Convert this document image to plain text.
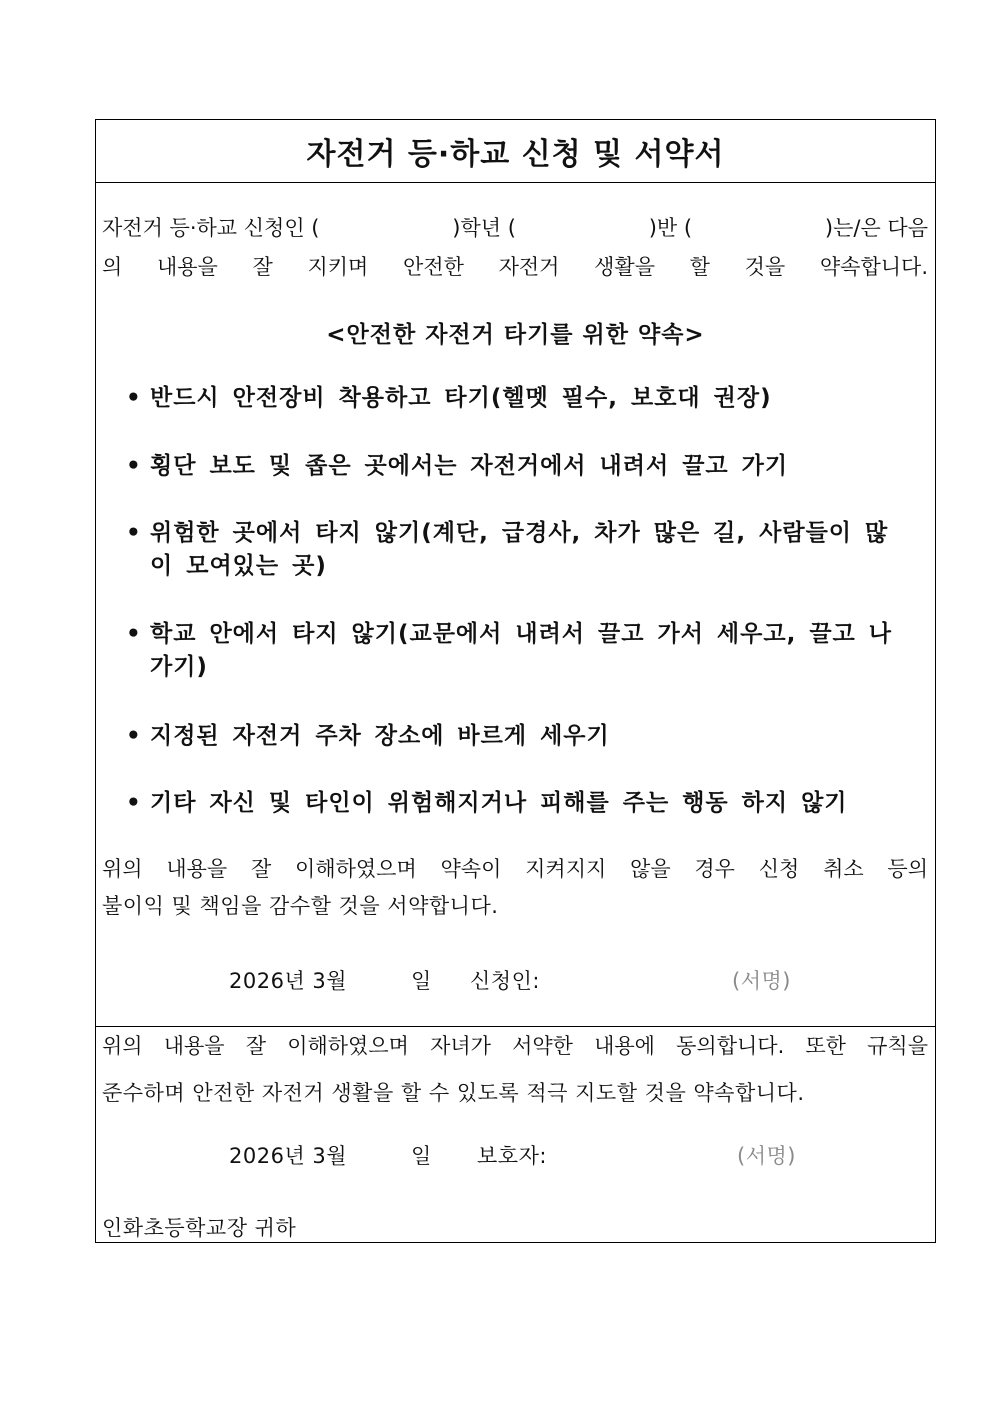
자전거 등·하교 신청 및 서약서
자전거 등·하교 신청인 (	)학년 (	)반 (	)는/은 다음
의 내용을 잘 지키며 안전한 자전거 생활을 할 것을 약속합니다.
<안전한 자전거 타기를 위한 약속>
• 반드시 안전장비 착용하고 타기(헬멧 필수, 보호대 권장)
• 횡단 보도 및 좁은 곳에서는 자전거에서 내려서 끌고 가기
• 위험한 곳에서 타지 않기(계단, 급경사, 차가 많은 길, 사람들이 많이 모여있는 곳)
• 학교 안에서 타지 않기(교문에서 내려서 끌고 가서 세우고, 끌고 나가기)
• 지정된 자전거 주차 장소에 바르게 세우기
• 기타 자신 및 타인이 위험해지거나 피해를 주는 행동 하지 않기
위의 내용을 잘 이해하였으며 약속이 지켜지지 않을 경우 신청 취소 등의
불이익 및 책임을 감수할 것을 서약합니다.
2026년 3월	일 신청인:	(서명)
위의 내용을 잘 이해하였으며 자녀가 서약한 내용에 동의합니다. 또한 규칙을
준수하며 안전한 자전거 생활을 할 수 있도록 적극 지도할 것을 약속합니다.
2026년 3월	일 보호자:	(서명)
인화초등학교장 귀하
